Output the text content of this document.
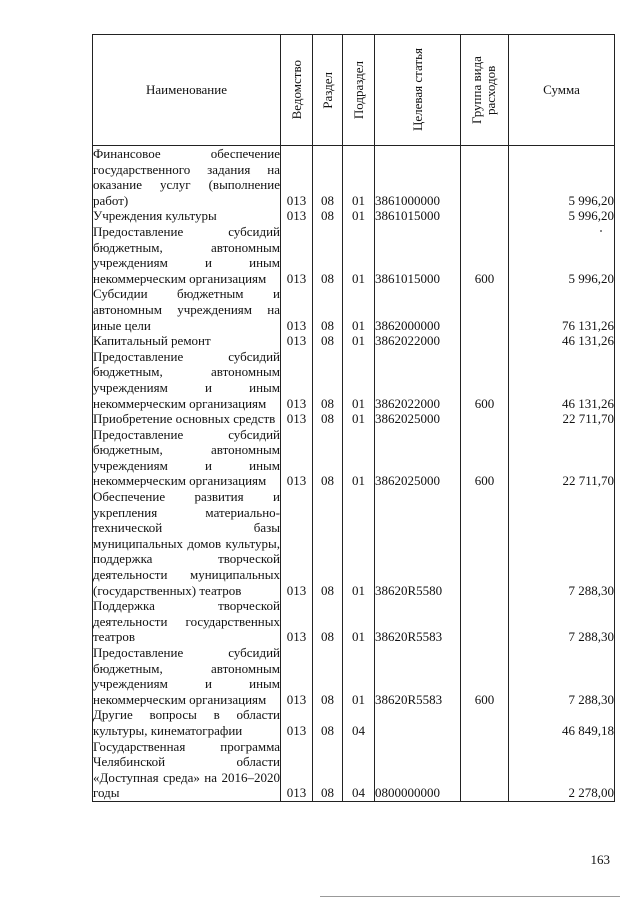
Наименование	Ведомство	Раздел	Подраздел	Целевая статья	Группа вида расходов	Сумма

Финансовое обеспечение государственного задания на оказание услуг (выполнение работ)	013	08	01	3861000000		5 996,20
Учреждения культуры	013	08	01	3861015000		5 996,20
Предоставление субсидий бюджетным, автономным учреждениям и иным некоммерческим организациям	013	08	01	3861015000	600	5 996,20
Субсидии бюджетным и автономным учреждениям на иные цели	013	08	01	3862000000		76 131,26
Капитальный ремонт	013	08	01	3862022000		46 131,26
Предоставление субсидий бюджетным, автономным учреждениям и иным некоммерческим организациям	013	08	01	3862022000	600	46 131,26
Приобретение основных средств	013	08	01	3862025000		22 711,70
Предоставление субсидий бюджетным, автономным учреждениям и иным некоммерческим организациям	013	08	01	3862025000	600	22 711,70
Обеспечение развития и укрепления материально-технической базы муниципальных домов культуры, поддержка творческой деятельности муниципальных (государственных) театров	013	08	01	38620R5580		7 288,30
Поддержка творческой деятельности государственных театров	013	08	01	38620R5583		7 288,30
Предоставление субсидий бюджетным, автономным учреждениям и иным некоммерческим организациям	013	08	01	38620R5583	600	7 288,30
Другие вопросы в области культуры, кинематографии	013	08	04			46 849,18
Государственная программа Челябинской области «Доступная среда» на 2016–2020 годы	013	08	04	0800000000		2 278,00
163
